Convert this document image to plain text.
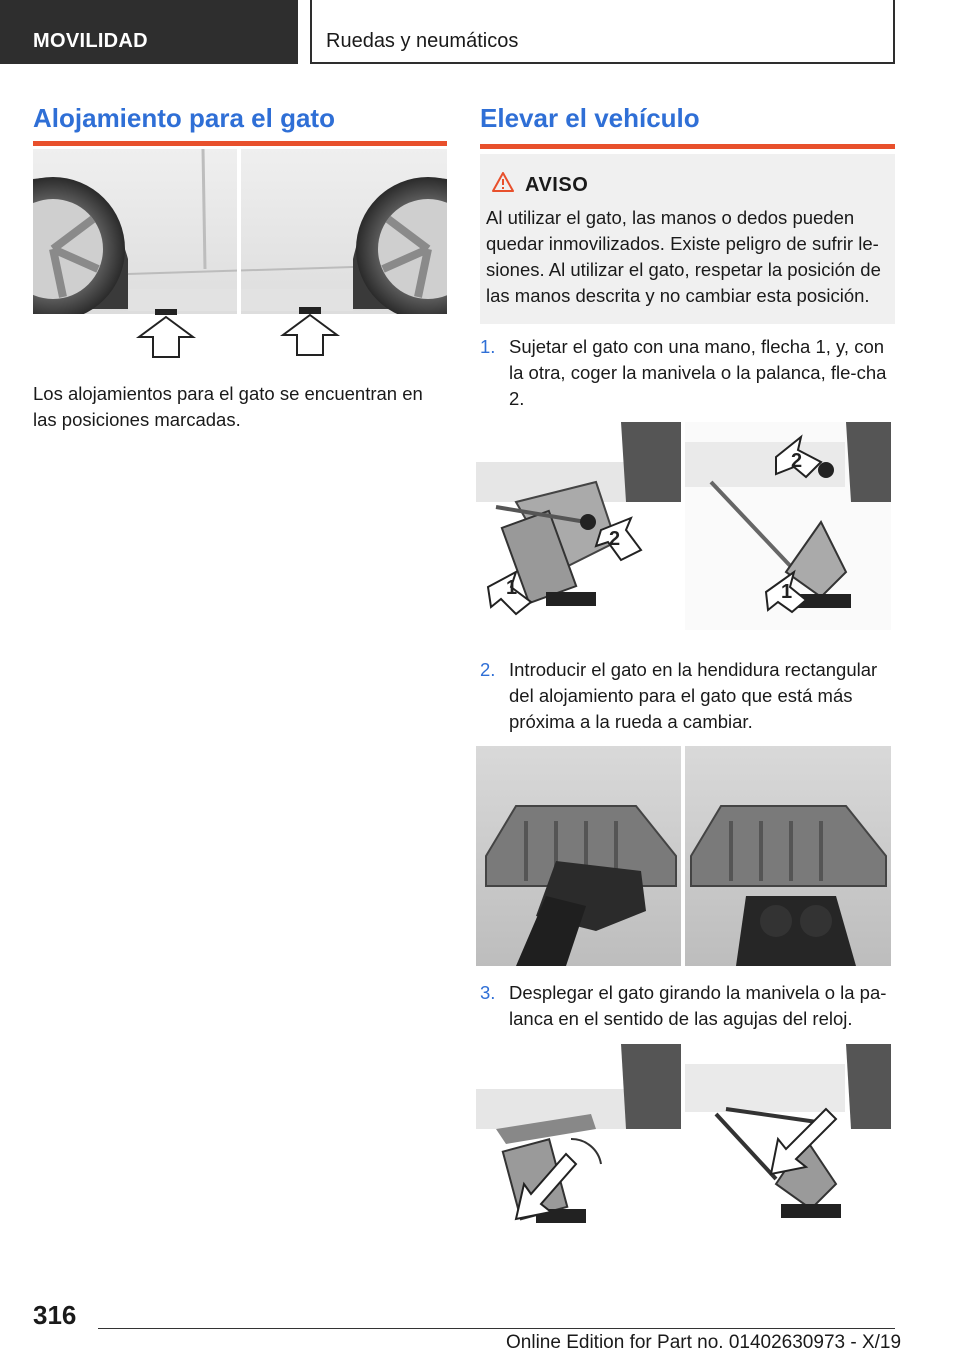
MOVILIDAD	Ruedas y neumáticos
Alojamiento para el gato

Los alojamientos para el gato se encuentran en las posiciones marcadas.

Elevar el vehículo
AVISO
Al utilizar el gato, las manos o dedos pueden quedar inmovilizados. Existe peligro de sufrir le-siones. Al utilizar el gato, respetar la posición de las manos descrita y no cambiar esta posición.
1. Sujetar el gato con una mano, flecha 1, y, con la otra, coger la manivela o la palanca, fle-cha 2.
2
1
2
1
2. Introducir el gato en la hendidura rectangular del alojamiento para el gato que está más próxima a la rueda a cambiar.
3. Desplegar el gato girando la manivela o la pa-lanca en el sentido de las agujas del reloj.
316
Online Edition for Part no. 01402630973 - X/19
